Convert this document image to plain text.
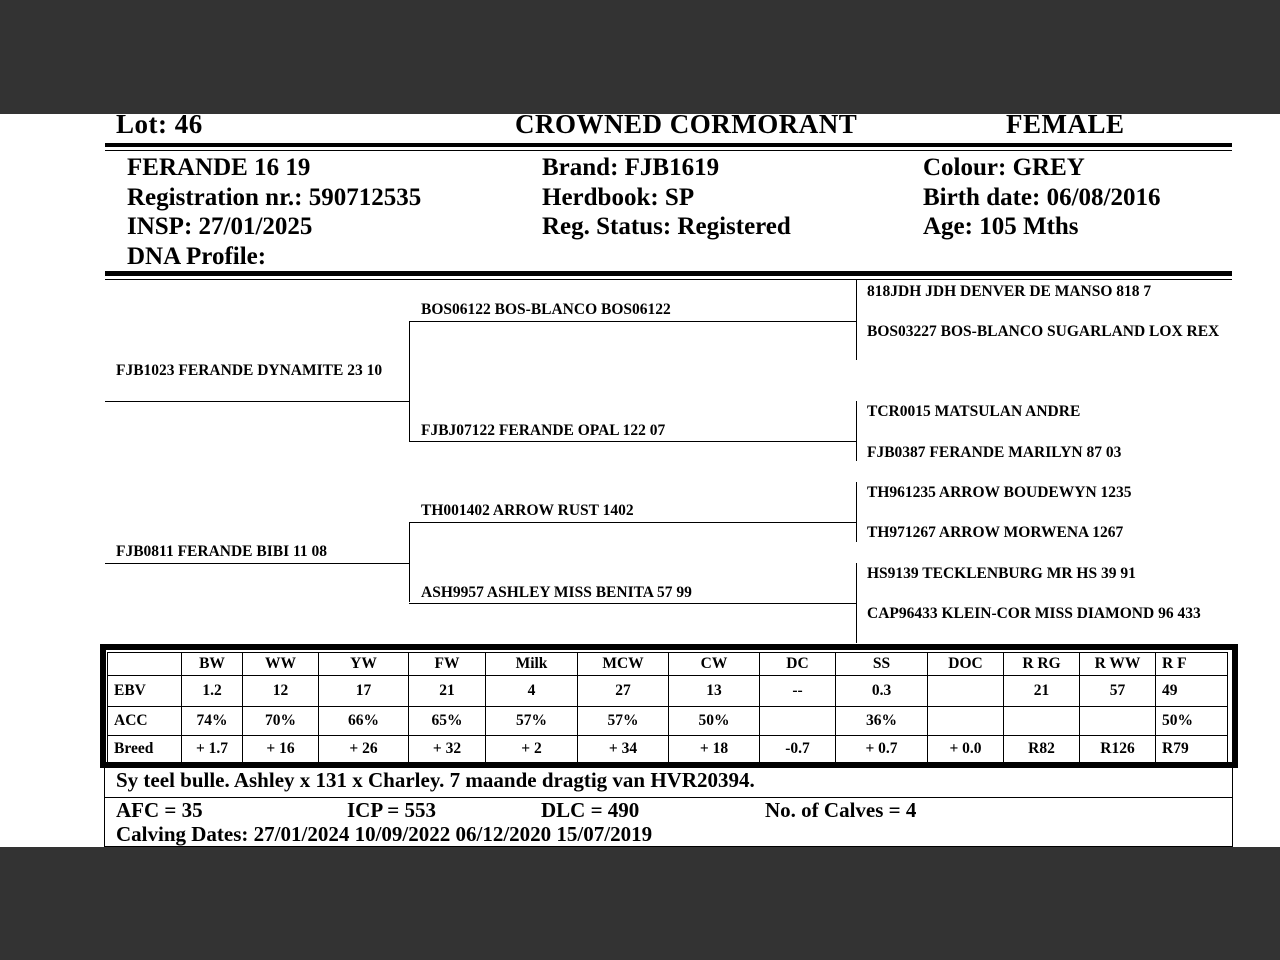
Lot: 46	CROWNED CORMORANT	FEMALE
FERANDE 16 19
Registration nr.: 590712535
INSP: 27/01/2025
DNA Profile:
Brand: FJB1619
Herdbook: SP
Reg. Status: Registered
Colour: GREY
Birth date: 06/08/2016
Age: 105 Mths
FJB1023 FERANDE DYNAMITE 23 10
FJB0811 FERANDE BIBI 11 08
BOS06122 BOS-BLANCO BOS06122
FJBJ07122 FERANDE OPAL 122 07
TH001402 ARROW RUST 1402
ASH9957 ASHLEY MISS BENITA 57 99
818JDH JDH DENVER DE MANSO 818 7
BOS03227 BOS-BLANCO SUGARLAND LOX REX
TCR0015 MATSULAN ANDRE
FJB0387 FERANDE MARILYN 87 03
TH961235 ARROW BOUDEWYN 1235
TH971267 ARROW MORWENA 1267
HS9139 TECKLENBURG MR HS 39 91
CAP96433 KLEIN-COR MISS DIAMOND 96 433
	BW	WW	YW	FW	Milk	MCW	CW	DC	SS	DOC	R RG	R WW	R F
EBV	1.2	12	17	21	4	27	13	--	0.3		21	57	49
ACC	74%	70%	66%	65%	57%	57%	50%		36%				50%
Breed	+ 1.7	+ 16	+ 26	+ 32	+ 2	+ 34	+ 18	-0.7	+ 0.7	+ 0.0	R82	R126	R79
Sy teel bulle. Ashley x 131 x Charley. 7 maande dragtig van HVR20394.
AFC = 35	ICP = 553	DLC = 490	No. of Calves = 4
Calving Dates: 27/01/2024 10/09/2022 06/12/2020 15/07/2019
